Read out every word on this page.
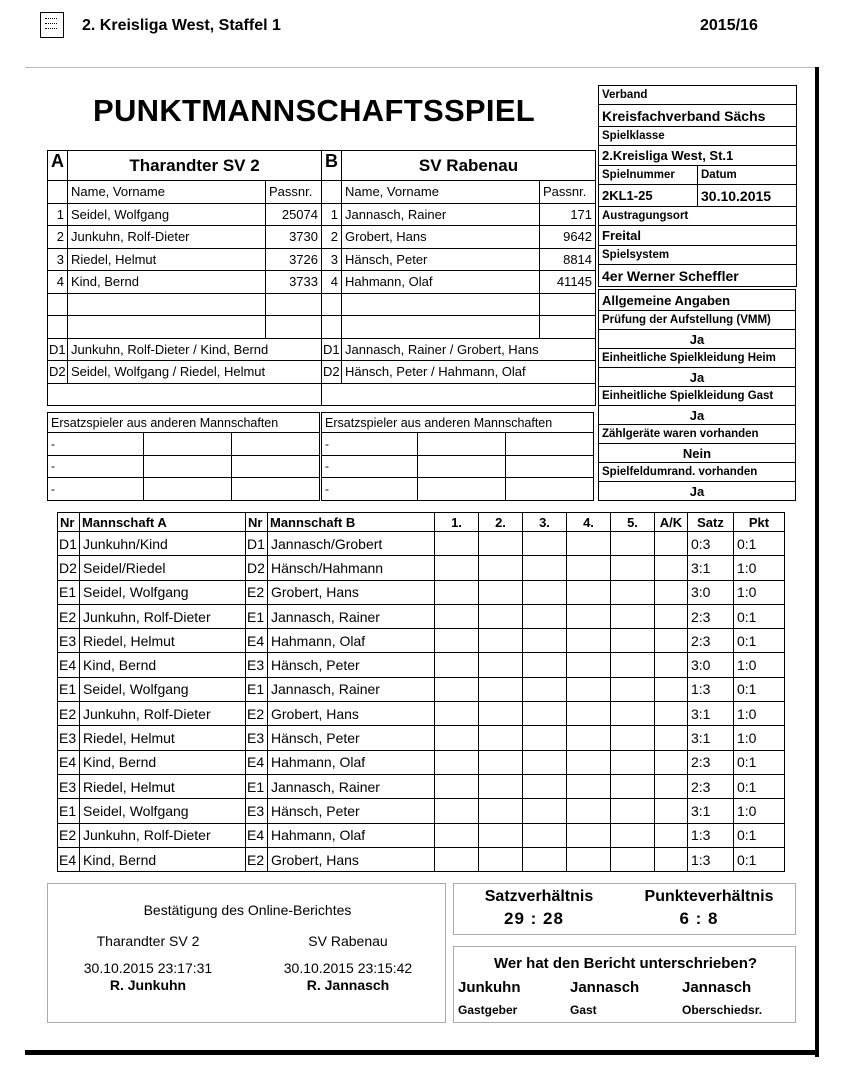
2. Kreisliga West, Staffel 1	2015/16
PUNKTMANNSCHAFTSSPIEL
A	Tharandter SV 2	
	Name, Vorname	Passnr.
1	Seidel, Wolfgang	25074
2	Junkuhn, Rolf-Dieter	3730
3	Riedel, Helmut	3726
4	Kind, Bernd	3733

D1	Junkuhn, Rolf-Dieter / Kind, Bernd	
D2	Seidel, Wolfgang / Riedel, Helmut	

B	SV Rabenau	
	Name, Vorname	Passnr.
1	Jannasch, Rainer	171
2	Grobert, Hans	9642
3	Hänsch, Peter	8814
4	Hahmann, Olaf	41145

D1	Jannasch, Rainer / Grobert, Hans	
D2	Hänsch, Peter / Hahmann, Olaf	

Ersatzspieler aus anderen Mannschaften		
-		
-		
-		
Ersatzspieler aus anderen Mannschaften		
-		
-		
-		
Verband	
Kreisfachverband Sächs	
Spielklasse	
2.Kreisliga West, St.1	
Spielnummer	Datum
2KL1-25	30.10.2015
Austragungsort	
Freital	
Spielsystem	
4er Werner Scheffler	
Allgemeine Angaben
Prüfung der Aufstellung (VMM)
Ja
Einheitliche Spielkleidung Heim
Ja
Einheitliche Spielkleidung Gast
Ja
Zählgeräte waren vorhanden
Nein
Spielfeldumrand. vorhanden
Ja
Nr	Mannschaft A	Nr	Mannschaft B	1.	2.	3.	4.	5.	A/K	Satz	Pkt
D1	Junkuhn/Kind	D1	Jannasch/Grobert							0:3	0:1
D2	Seidel/Riedel	D2	Hänsch/Hahmann							3:1	1:0
E1	Seidel, Wolfgang	E2	Grobert, Hans							3:0	1:0
E2	Junkuhn, Rolf-Dieter	E1	Jannasch, Rainer							2:3	0:1
E3	Riedel, Helmut	E4	Hahmann, Olaf							2:3	0:1
E4	Kind, Bernd	E3	Hänsch, Peter							3:0	1:0
E1	Seidel, Wolfgang	E1	Jannasch, Rainer							1:3	0:1
E2	Junkuhn, Rolf-Dieter	E2	Grobert, Hans							3:1	1:0
E3	Riedel, Helmut	E3	Hänsch, Peter							3:1	1:0
E4	Kind, Bernd	E4	Hahmann, Olaf							2:3	0:1
E3	Riedel, Helmut	E1	Jannasch, Rainer							2:3	0:1
E1	Seidel, Wolfgang	E3	Hänsch, Peter							3:1	1:0
E2	Junkuhn, Rolf-Dieter	E4	Hahmann, Olaf							1:3	0:1
E4	Kind, Bernd	E2	Grobert, Hans							1:3	0:1
Bestätigung des Online-Berichtes
Tharandter SV 2	SV Rabenau
30.10.2015 23:17:31	30.10.2015 23:15:42
R. Junkuhn	R. Jannasch
Satzverhältnis
29 : 28
Punkteverhältnis
6 : 8
Wer hat den Bericht unterschrieben?
Junkuhn	Jannasch	Jannasch
Gastgeber	Gast	Oberschiedsr.
